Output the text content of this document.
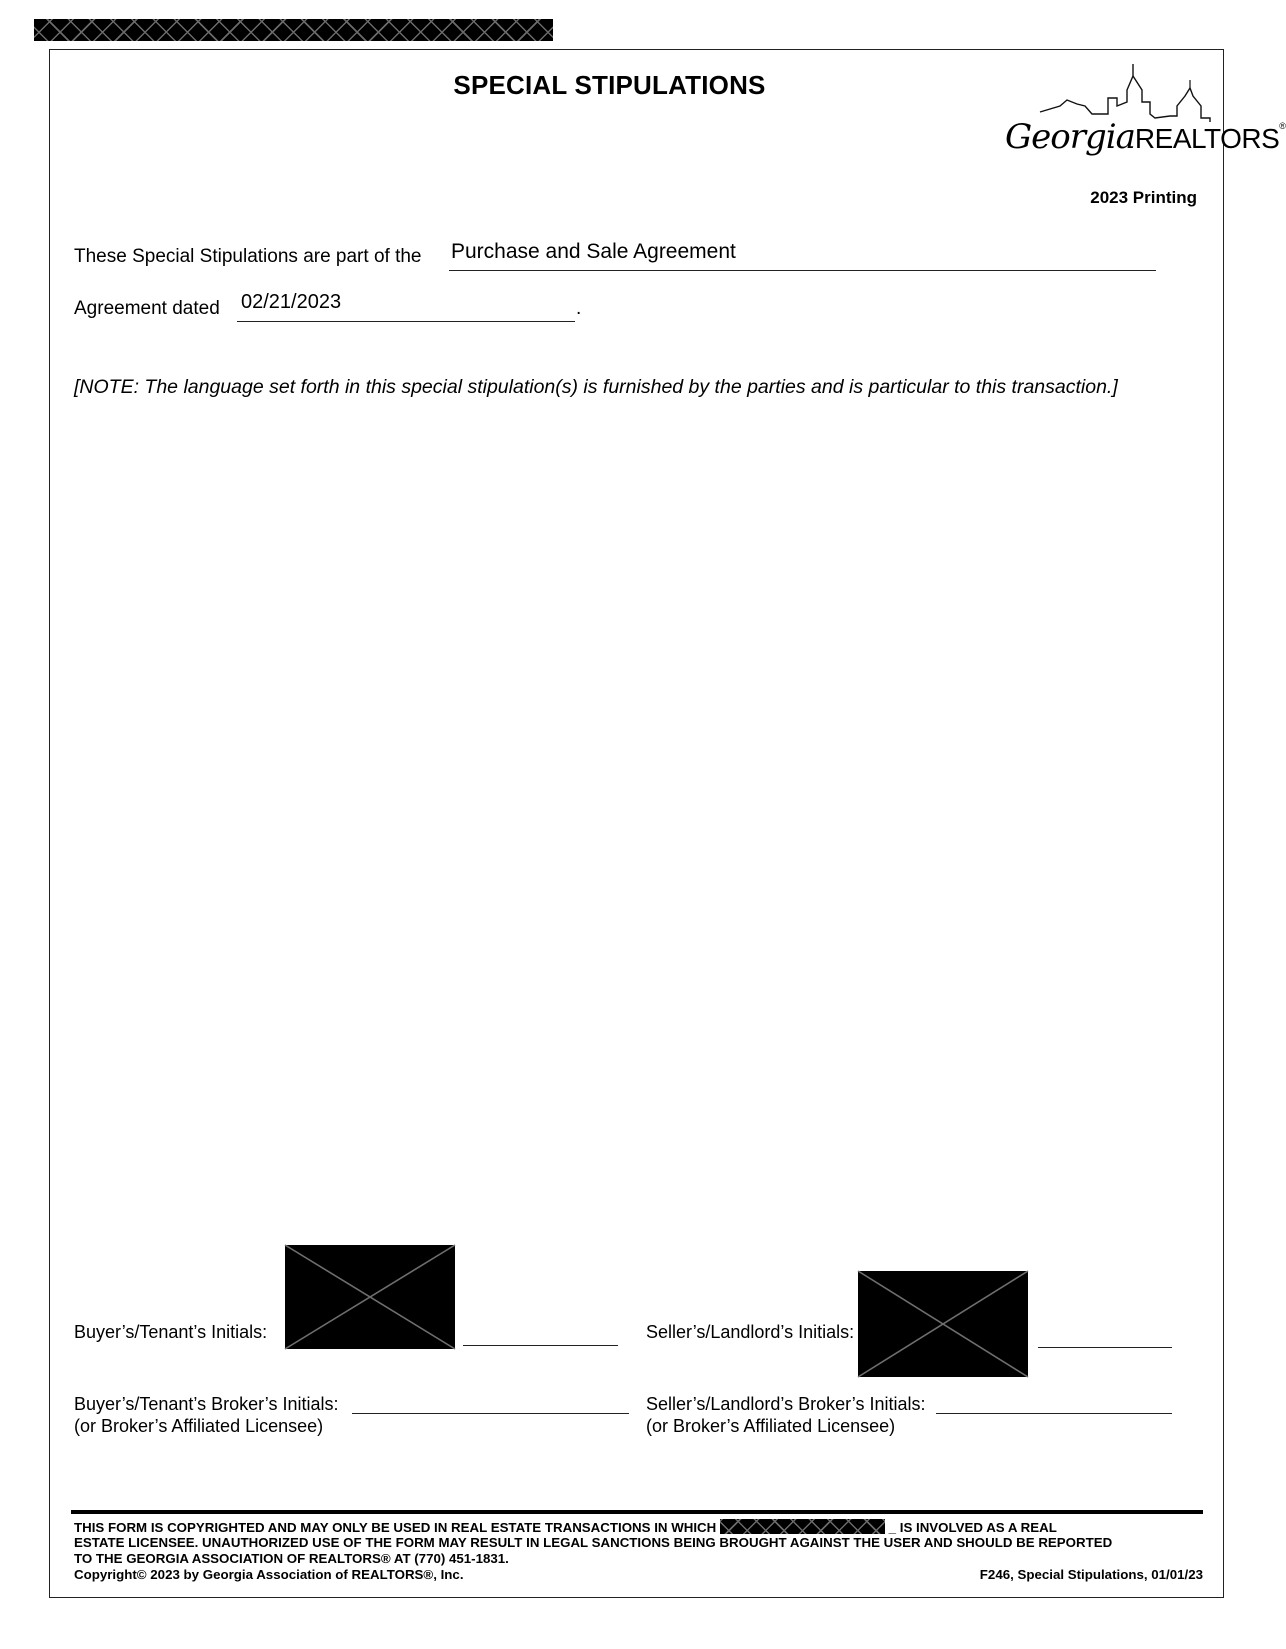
SPECIAL STIPULATIONS
GeorgiaREALTORS®
2023 Printing
These Special Stipulations are part of the Purchase and Sale Agreement
Agreement dated 02/21/2023	.
[NOTE: The language set forth in this special stipulation(s) is furnished by the parties and is particular to this transaction.]
Buyer’s/Tenant’s Initials:	Seller’s/Landlord’s Initials:
Buyer’s/Tenant’s Broker’s Initials:
(or Broker’s Affiliated Licensee)
Seller’s/Landlord’s Broker’s Initials:
(or Broker’s Affiliated Licensee)
THIS FORM IS COPYRIGHTED AND MAY ONLY BE USED IN REAL ESTATE TRANSACTIONS IN WHICH	_ IS INVOLVED AS A REAL
ESTATE LICENSEE. UNAUTHORIZED USE OF THE FORM MAY RESULT IN LEGAL SANCTIONS BEING BROUGHT AGAINST THE USER AND SHOULD BE REPORTED
TO THE GEORGIA ASSOCIATION OF REALTORS® AT (770) 451-1831.
Copyright© 2023 by Georgia Association of REALTORS®, Inc.	F246, Special Stipulations, 01/01/23
